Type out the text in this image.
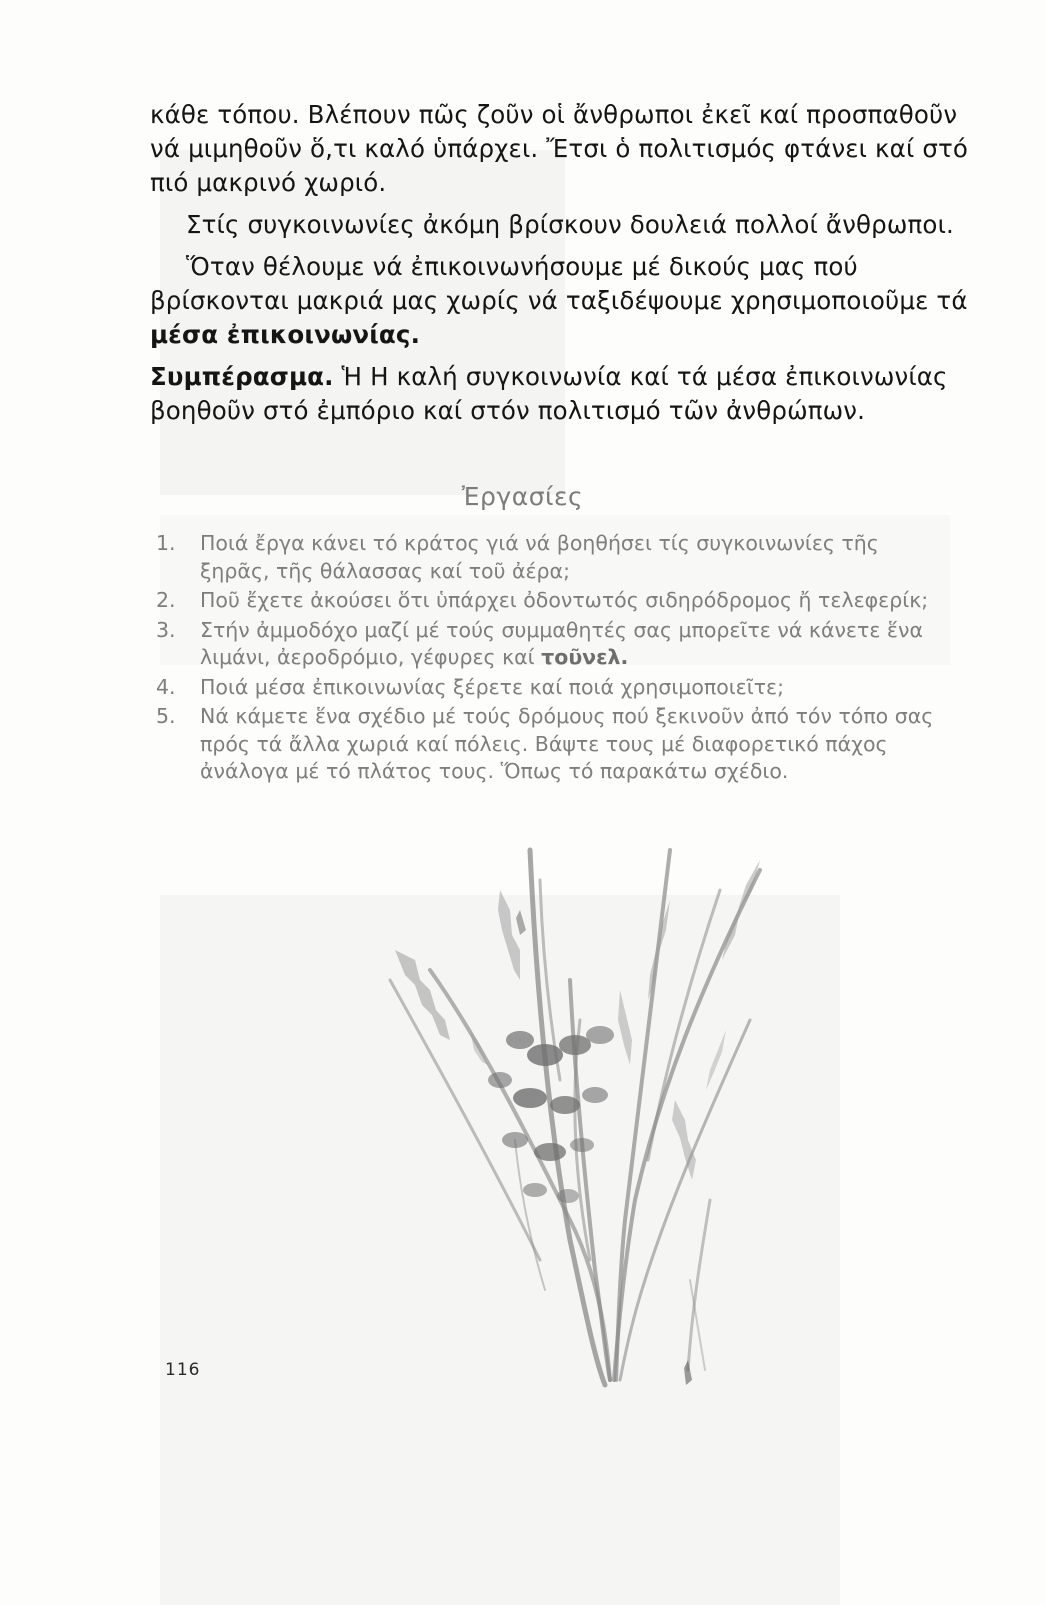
κάθε τόπου. Βλέπουν πῶς ζοῦν οἱ ἄνθρωποι ἐκεῖ καί προσπαθοῦν νά μιμηθοῦν ὅ,τι καλό ὑπάρχει. Ἔτσι ὁ πολιτισμός φτάνει καί στό πιό μακρινό χωριό.

Στίς συγκοινωνίες ἀκόμη βρίσκουν δουλειά πολλοί ἄνθρωποι.

Ὅταν θέλουμε νά ἐπικοινωνήσουμε μέ δικούς μας πού βρίσκονται μακριά μας χωρίς νά ταξιδέψουμε χρησιμοποιοῦμε τά μέσα ἐπικοινωνίας.

Συμπέρασμα. Ἡ Η καλή συγκοινωνία καί τά μέσα ἐπικοινωνίας βοηθοῦν στό ἐμπόριο καί στόν πολιτισμό τῶν ἀνθρώπων.

Ἐργασίες
1. Ποιά ἔργα κάνει τό κράτος γιά νά βοηθήσει τίς συγκοινωνίες τῆς ξηρᾶς, τῆς θάλασσας καί τοῦ ἀέρα;
2. Ποῦ ἔχετε ἀκούσει ὅτι ὑπάρχει ὀδοντωτός σιδηρόδρομος ἤ τελεφερίκ;
3. Στήν ἀμμοδόχο μαζί μέ τούς συμμαθητές σας μπορεῖτε νά κάνετε ἕνα λιμάνι, ἀεροδρόμιο, γέφυρες καί τοῦνελ.
4. Ποιά μέσα ἐπικοινωνίας ξέρετε καί ποιά χρησιμοποιεῖτε;
5. Νά κάμετε ἕνα σχέδιο μέ τούς δρόμους πού ξεκινοῦν ἀπό τόν τόπο σας πρός τά ἄλλα χωριά καί πόλεις. Βάψτε τους μέ διαφορετικό πάχος ἀνάλογα μέ τό πλάτος τους. Ὅπως τό παρακάτω σχέδιο.
116
